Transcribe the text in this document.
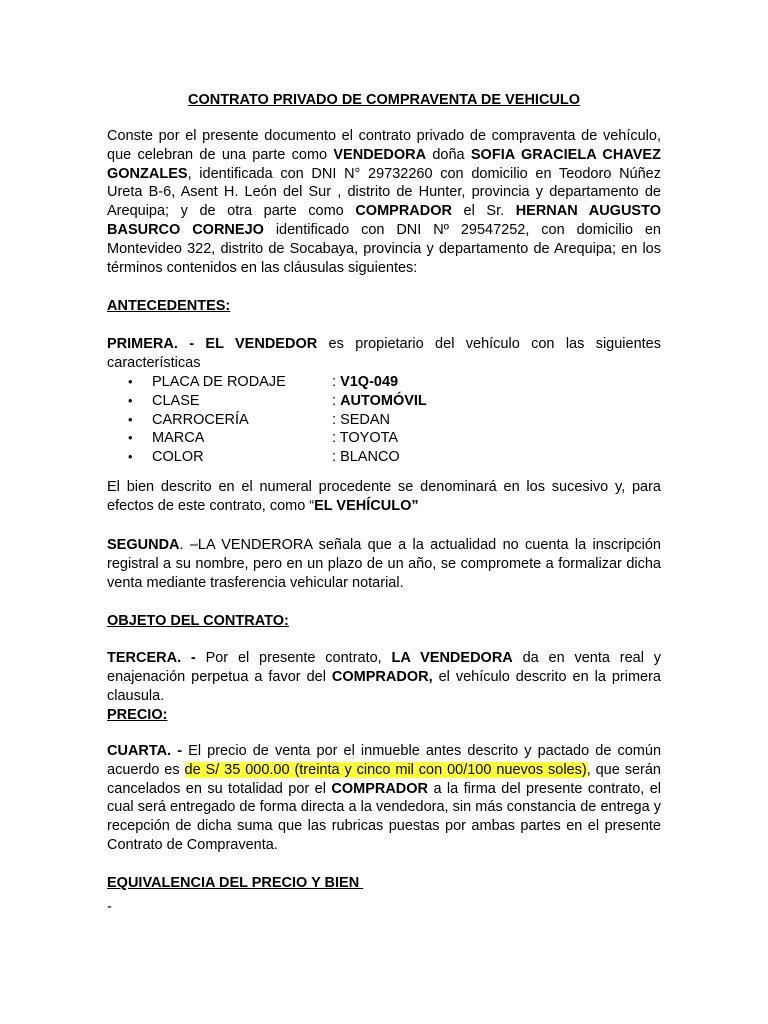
CONTRATO PRIVADO DE COMPRAVENTA DE VEHICULO

Conste por el presente documento el contrato privado de compraventa de vehículo, que celebran de una parte como VENDEDORA doña SOFIA GRACIELA CHAVEZ GONZALES, identificada con DNI N° 29732260 con domicilio en Teodoro Núñez Ureta B-6, Asent H. León del Sur , distrito de Hunter, provincia y departamento de Arequipa; y de otra parte como COMPRADOR el Sr. HERNAN AUGUSTO BASURCO CORNEJO identificado con DNI Nº 29547252, con domicilio en Montevideo 322, distrito de Socabaya, provincia y departamento de Arequipa; en los términos contenidos en las cláusulas siguientes:

ANTECEDENTES:

PRIMERA. - EL VENDEDOR es propietario del vehículo con las siguientes características

• PLACA DE RODAJE	: V1Q-049
• CLASE	: AUTOMÓVIL
• CARROCERÍA	: SEDAN
• MARCA	: TOYOTA
• COLOR	: BLANCO

El bien descrito en el numeral procedente se denominará en los sucesivo y, para efectos de este contrato, como “EL VEHÍCULO”

SEGUNDA. –LA VENDERORA señala que a la actualidad no cuenta la inscripción registral a su nombre, pero en un plazo de un año, se compromete a formalizar dicha venta mediante trasferencia vehicular notarial.

OBJETO DEL CONTRATO:

TERCERA. - Por el presente contrato, LA VENDEDORA da en venta real y enajenación perpetua a favor del COMPRADOR, el vehículo descrito en la primera clausula.

PRECIO:

CUARTA. - El precio de venta por el inmueble antes descrito y pactado de común acuerdo es de S/ 35 000.00 (treinta y cinco mil con 00/100 nuevos soles), que serán cancelados en su totalidad por el COMPRADOR a la firma del presente contrato, el cual será entregado de forma directa a la vendedora, sin más constancia de entrega y recepción de dicha suma que las rubricas puestas por ambas partes en el presente Contrato de Compraventa.

EQUIVALENCIA DEL PRECIO Y BIEN
-
